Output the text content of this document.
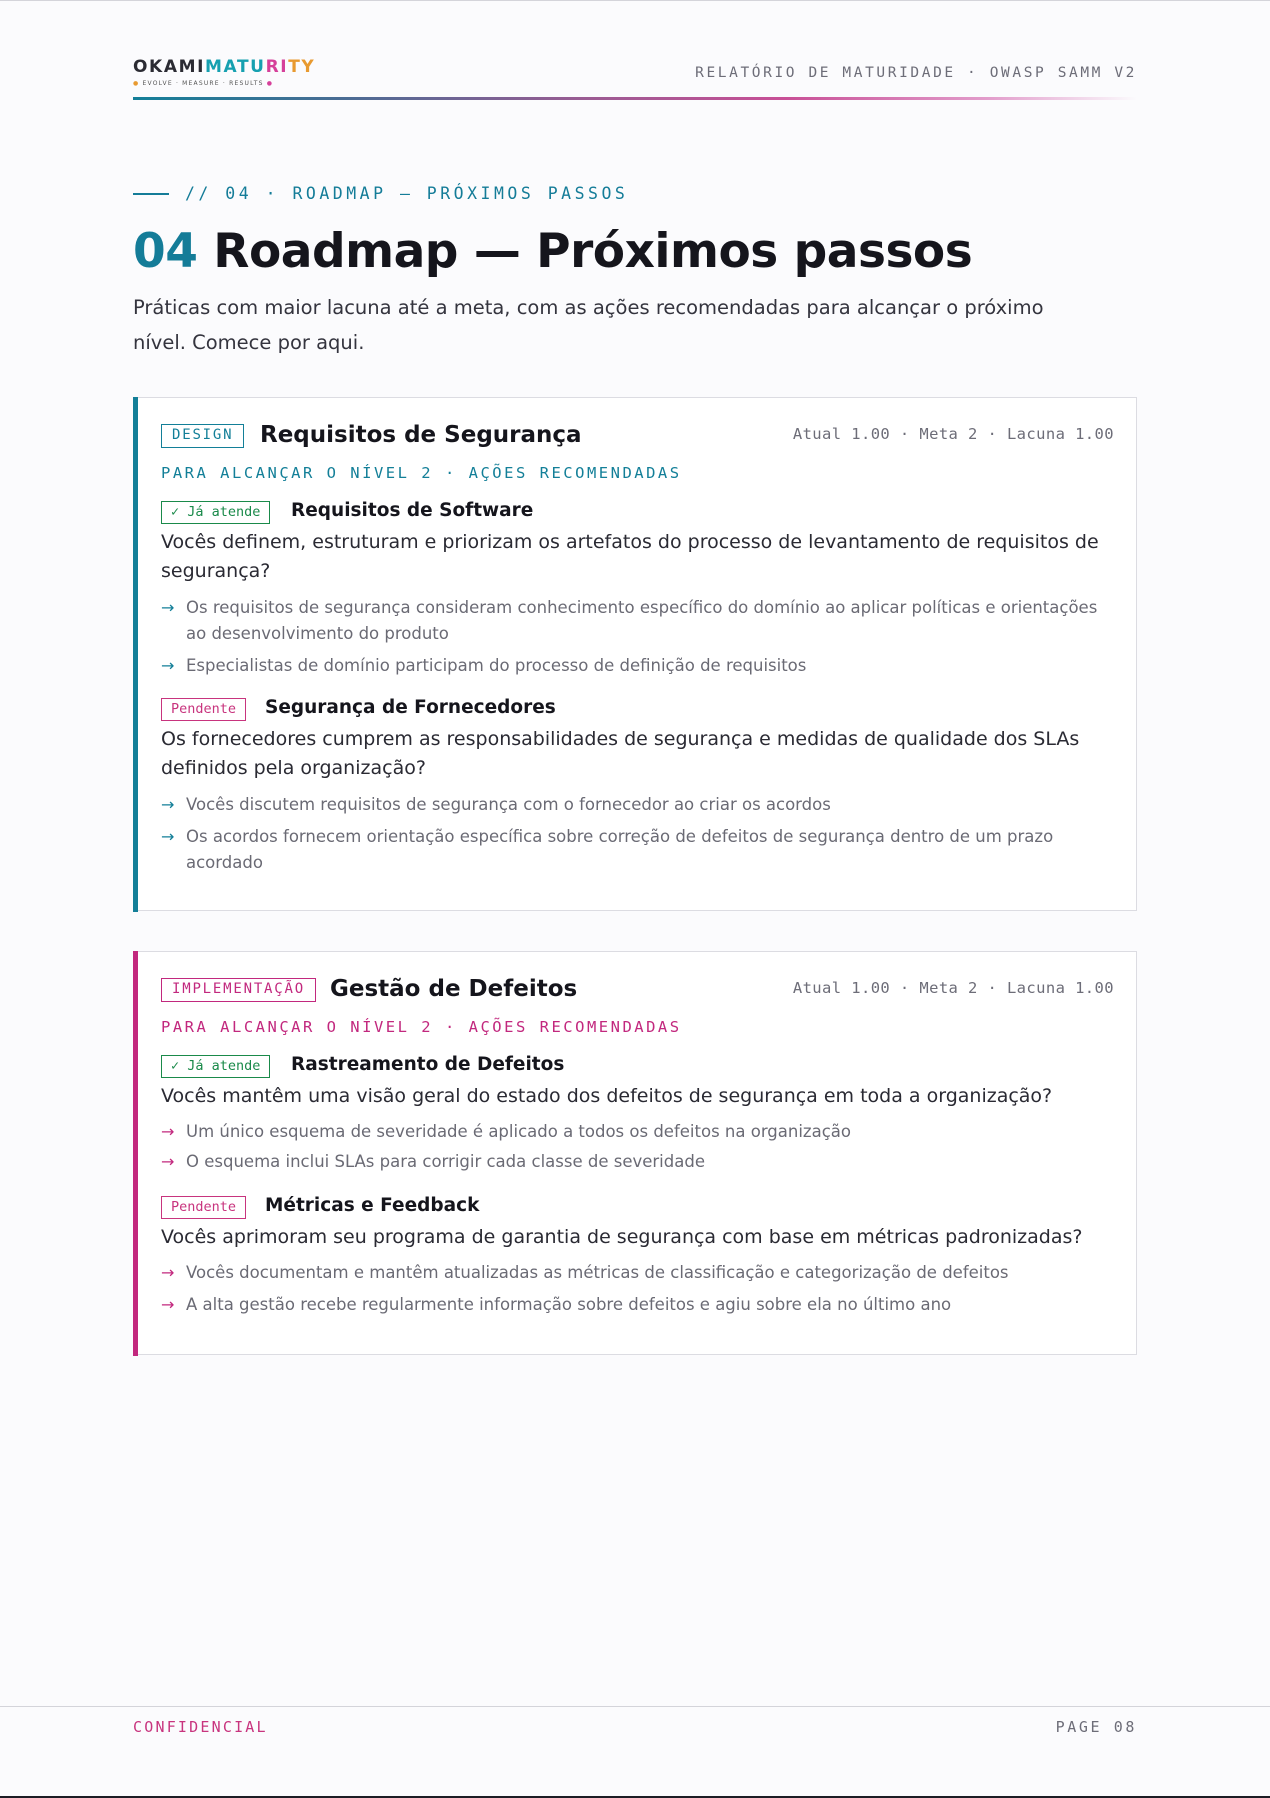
OKAMIMATURITY
● EVOLVE · MEASURE · RESULTS ●
RELATÓRIO DE MATURIDADE · OWASP SAMM V2
// 04 · ROADMAP — PRÓXIMOS PASSOS
04 Roadmap — Próximos passos
Práticas com maior lacuna até a meta, com as ações recomendadas para alcançar o próximo nível. Comece por aqui.
DESIGN	Requisitos de Segurança	Atual 1.00 · Meta 2 · Lacuna 1.00
PARA ALCANÇAR O NÍVEL 2 · AÇÕES RECOMENDADAS
✓ Já atende	Requisitos de Software
Vocês definem, estruturam e priorizam os artefatos do processo de levantamento de requisitos de segurança?
→ Os requisitos de segurança consideram conhecimento específico do domínio ao aplicar políticas e orientações ao desenvolvimento do produto
→ Especialistas de domínio participam do processo de definição de requisitos
Pendente	Segurança de Fornecedores
Os fornecedores cumprem as responsabilidades de segurança e medidas de qualidade dos SLAs definidos pela organização?
→ Vocês discutem requisitos de segurança com o fornecedor ao criar os acordos
→ Os acordos fornecem orientação específica sobre correção de defeitos de segurança dentro de um prazo acordado
IMPLEMENTAÇÃO	Gestão de Defeitos	Atual 1.00 · Meta 2 · Lacuna 1.00
PARA ALCANÇAR O NÍVEL 2 · AÇÕES RECOMENDADAS
✓ Já atende	Rastreamento de Defeitos
Vocês mantêm uma visão geral do estado dos defeitos de segurança em toda a organização?
→ Um único esquema de severidade é aplicado a todos os defeitos na organização
→ O esquema inclui SLAs para corrigir cada classe de severidade
Pendente	Métricas e Feedback
Vocês aprimoram seu programa de garantia de segurança com base em métricas padronizadas?
→ Vocês documentam e mantêm atualizadas as métricas de classificação e categorização de defeitos
→ A alta gestão recebe regularmente informação sobre defeitos e agiu sobre ela no último ano
CONFIDENCIAL	PAGE 08
